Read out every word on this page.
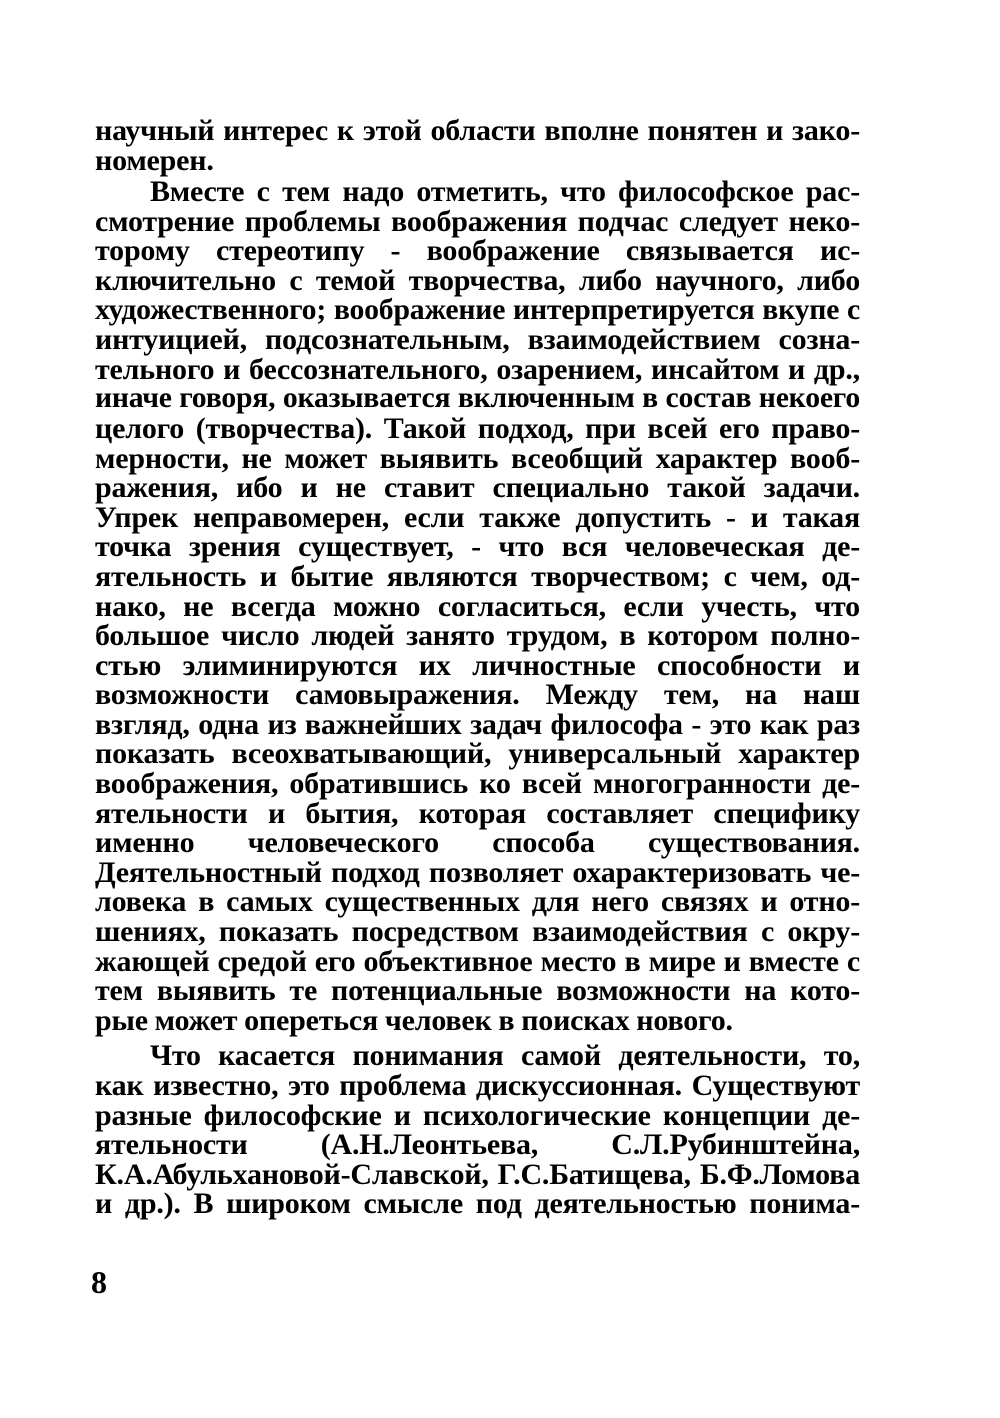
научный интерес к этой области вполне понятен и зако-
номерен.
Вместе с тем надо отметить, что философское рас-
смотрение проблемы воображения подчас следует неко-
торому стереотипу - воображение связывается ис-
ключительно с темой творчества, либо научного, либо
художественного; воображение интерпретируется вкупе с
интуицией, подсознательным, взаимодействием созна-
тельного и бессознательного, озарением, инсайтом и др.,
иначе говоря, оказывается включенным в состав некоего
целого (творчества). Такой подход, при всей его право-
мерности, не может выявить всеобщий характер вооб-
ражения, ибо и не ставит специально такой задачи.
Упрек неправомерен, если также допустить - и такая
точка зрения существует, - что вся человеческая де-
ятельность и бытие являются творчеством; с чем, од-
нако, не всегда можно согласиться, если учесть, что
большое число людей занято трудом, в котором полно-
стью элиминируются их личностные способности и
возможности самовыражения. Между тем, на наш
взгляд, одна из важнейших задач философа - это как раз
показать всеохватывающий, универсальный характер
воображения, обратившись ко всей многогранности де-
ятельности и бытия, которая составляет специфику
именно человеческого способа существования.
Деятельностный подход позволяет охарактеризовать че-
ловека в самых существенных для него связях и отно-
шениях, показать посредством взаимодействия с окру-
жающей средой его объективное место в мире и вместе с
тем выявить те потенциальные возможности на кото-
рые может опереться человек в поисках нового.
Что касается понимания самой деятельности, то,
как известно, это проблема дискуссионная. Существуют
разные философские и психологические концепции де-
ятельности (А.Н.Леонтьева, С.Л.Рубинштейна,
К.А.Абульхановой-Славской, Г.С.Батищева, Б.Ф.Ломова
и др.). В широком смысле под деятельностью понима-
8
